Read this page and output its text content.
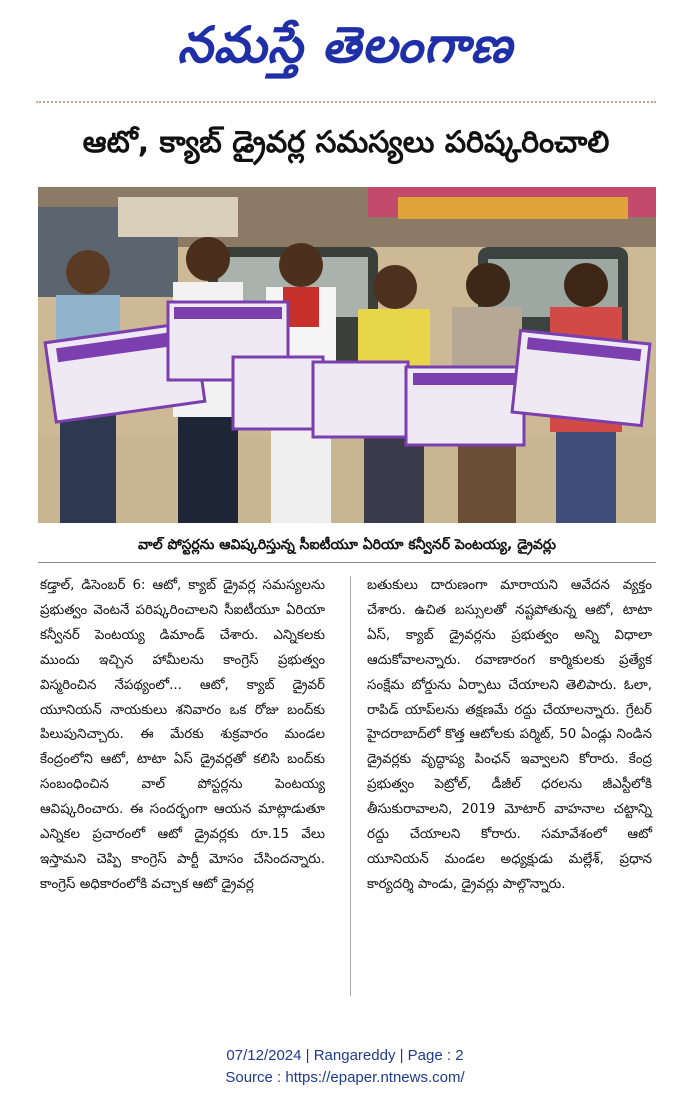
నమస్తే తెలంగాణ
ఆటో, క్యాబ్ డ్రైవర్ల సమస్యలు పరిష్కరించాలి
వాల్ పోస్టర్లను ఆవిష్కరిస్తున్న సీఐటీయూ ఏరియా కన్వీనర్ పెంటయ్య, డ్రైవర్లు

కడ్తాల్, డిసెంబర్ 6: ఆటో, క్యాబ్ డ్రైవర్ల సమస్యలను ప్రభుత్వం వెంటనే పరిష్కరించాలని సీఐటీయూ ఏరియా కన్వీనర్ పెంటయ్య డిమాండ్ చేశారు. ఎన్నికలకు ముందు ఇచ్చిన హామీలను కాంగ్రెస్ ప్రభుత్వం విస్మరించిన నేపథ్యంలో... ఆటో, క్యాబ్ డ్రైవర్ యూనియన్ నాయకులు శనివారం ఒక రోజు బంద్‌కు పిలుపునిచ్చారు. ఈ మేరకు శుక్రవారం మండల కేంద్రంలోని ఆటో, టాటా ఏస్ డ్రైవర్లతో కలిసి బంద్‌కు సంబంధించిన వాల్ పోస్టర్లను పెంటయ్య ఆవిష్కరించారు. ఈ సందర్భంగా ఆయన మాట్లాడుతూ ఎన్నికల ప్రచారంలో ఆటో డ్రైవర్లకు రూ.15 వేలు ఇస్తామని చెప్పి కాంగ్రెస్ పార్టీ మోసం చేసిందన్నారు. కాంగ్రెస్ అధికారంలోకి వచ్చాక ఆటో డ్రైవర్ల

బతుకులు దారుణంగా మారాయని ఆవేదన వ్యక్తం చేశారు. ఉచిత బస్సులతో నష్టపోతున్న ఆటో, టాటా ఏస్, క్యాబ్ డ్రైవర్లను ప్రభుత్వం అన్ని విధాలా ఆదుకోవాలన్నారు. రవాణారంగ కార్మికులకు ప్రత్యేక సంక్షేమ బోర్డును ఏర్పాటు చేయాలని తెలిపారు. ఓలా, రాపిడ్ యాప్‌లను తక్షణమే రద్దు చేయాలన్నారు. గ్రేటర్ హైదరాబాద్‌లో కొత్త ఆటోలకు పర్మిట్, 50 ఏండ్లు నిండిన డ్రైవర్లకు వృద్ధాప్య పింఛన్ ఇవ్వాలని కోరారు. కేంద్ర ప్రభుత్వం పెట్రోల్, డీజీల్ ధరలను జీఎస్టీలోకి తీసుకురావాలని, 2019 మోటార్ వాహనాల చట్టాన్ని రద్దు చేయాలని కోరారు. సమావేశంలో ఆటో యూనియన్ మండల అధ్యక్షుడు మల్లేశ్, ప్రధాన కార్యదర్శి పాండు, డ్రైవర్లు పాల్గొన్నారు.

07/12/2024 | Rangareddy | Page : 2
Source : https://epaper.ntnews.com/
